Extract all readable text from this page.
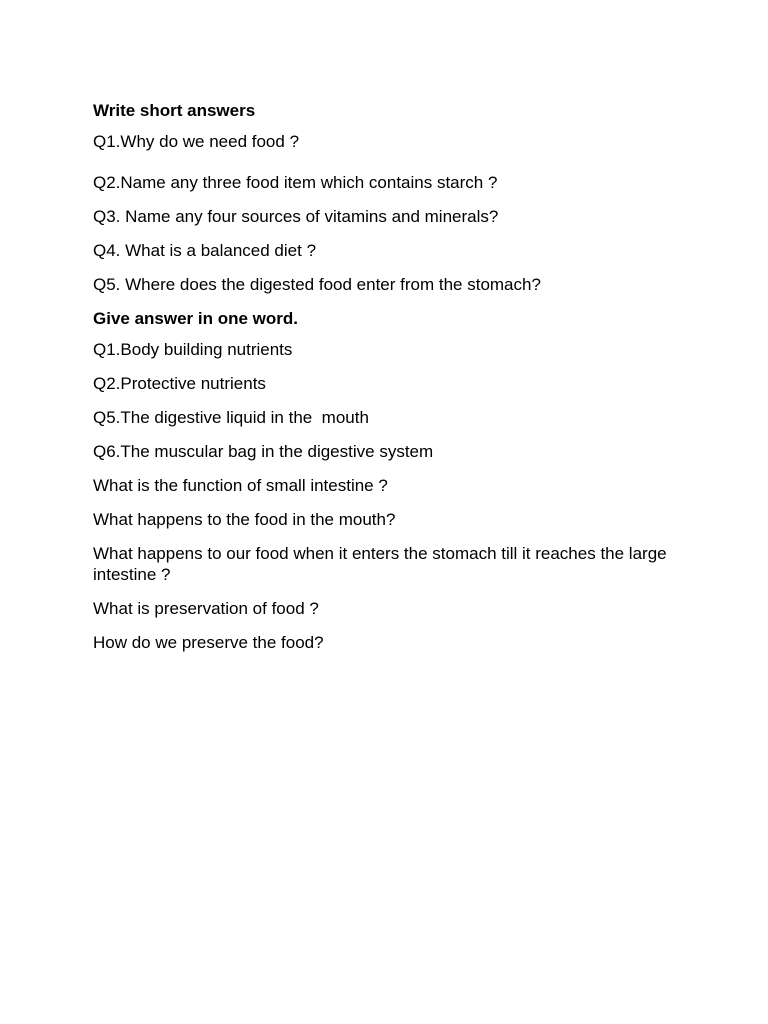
Write short answers
Q1.Why do we need food ?
Q2.Name any three food item which contains starch ?
Q3. Name any four sources of vitamins and minerals?
Q4. What is a balanced diet ?
Q5. Where does the digested food enter from the stomach?
Give answer in one word.
Q1.Body building nutrients
Q2.Protective nutrients
Q5.The digestive liquid in the  mouth
Q6.The muscular bag in the digestive system
What is the function of small intestine ?
What happens to the food in the mouth?
What happens to our food when it enters the stomach till it reaches the large intestine ?
What is preservation of food ?
How do we preserve the food?
